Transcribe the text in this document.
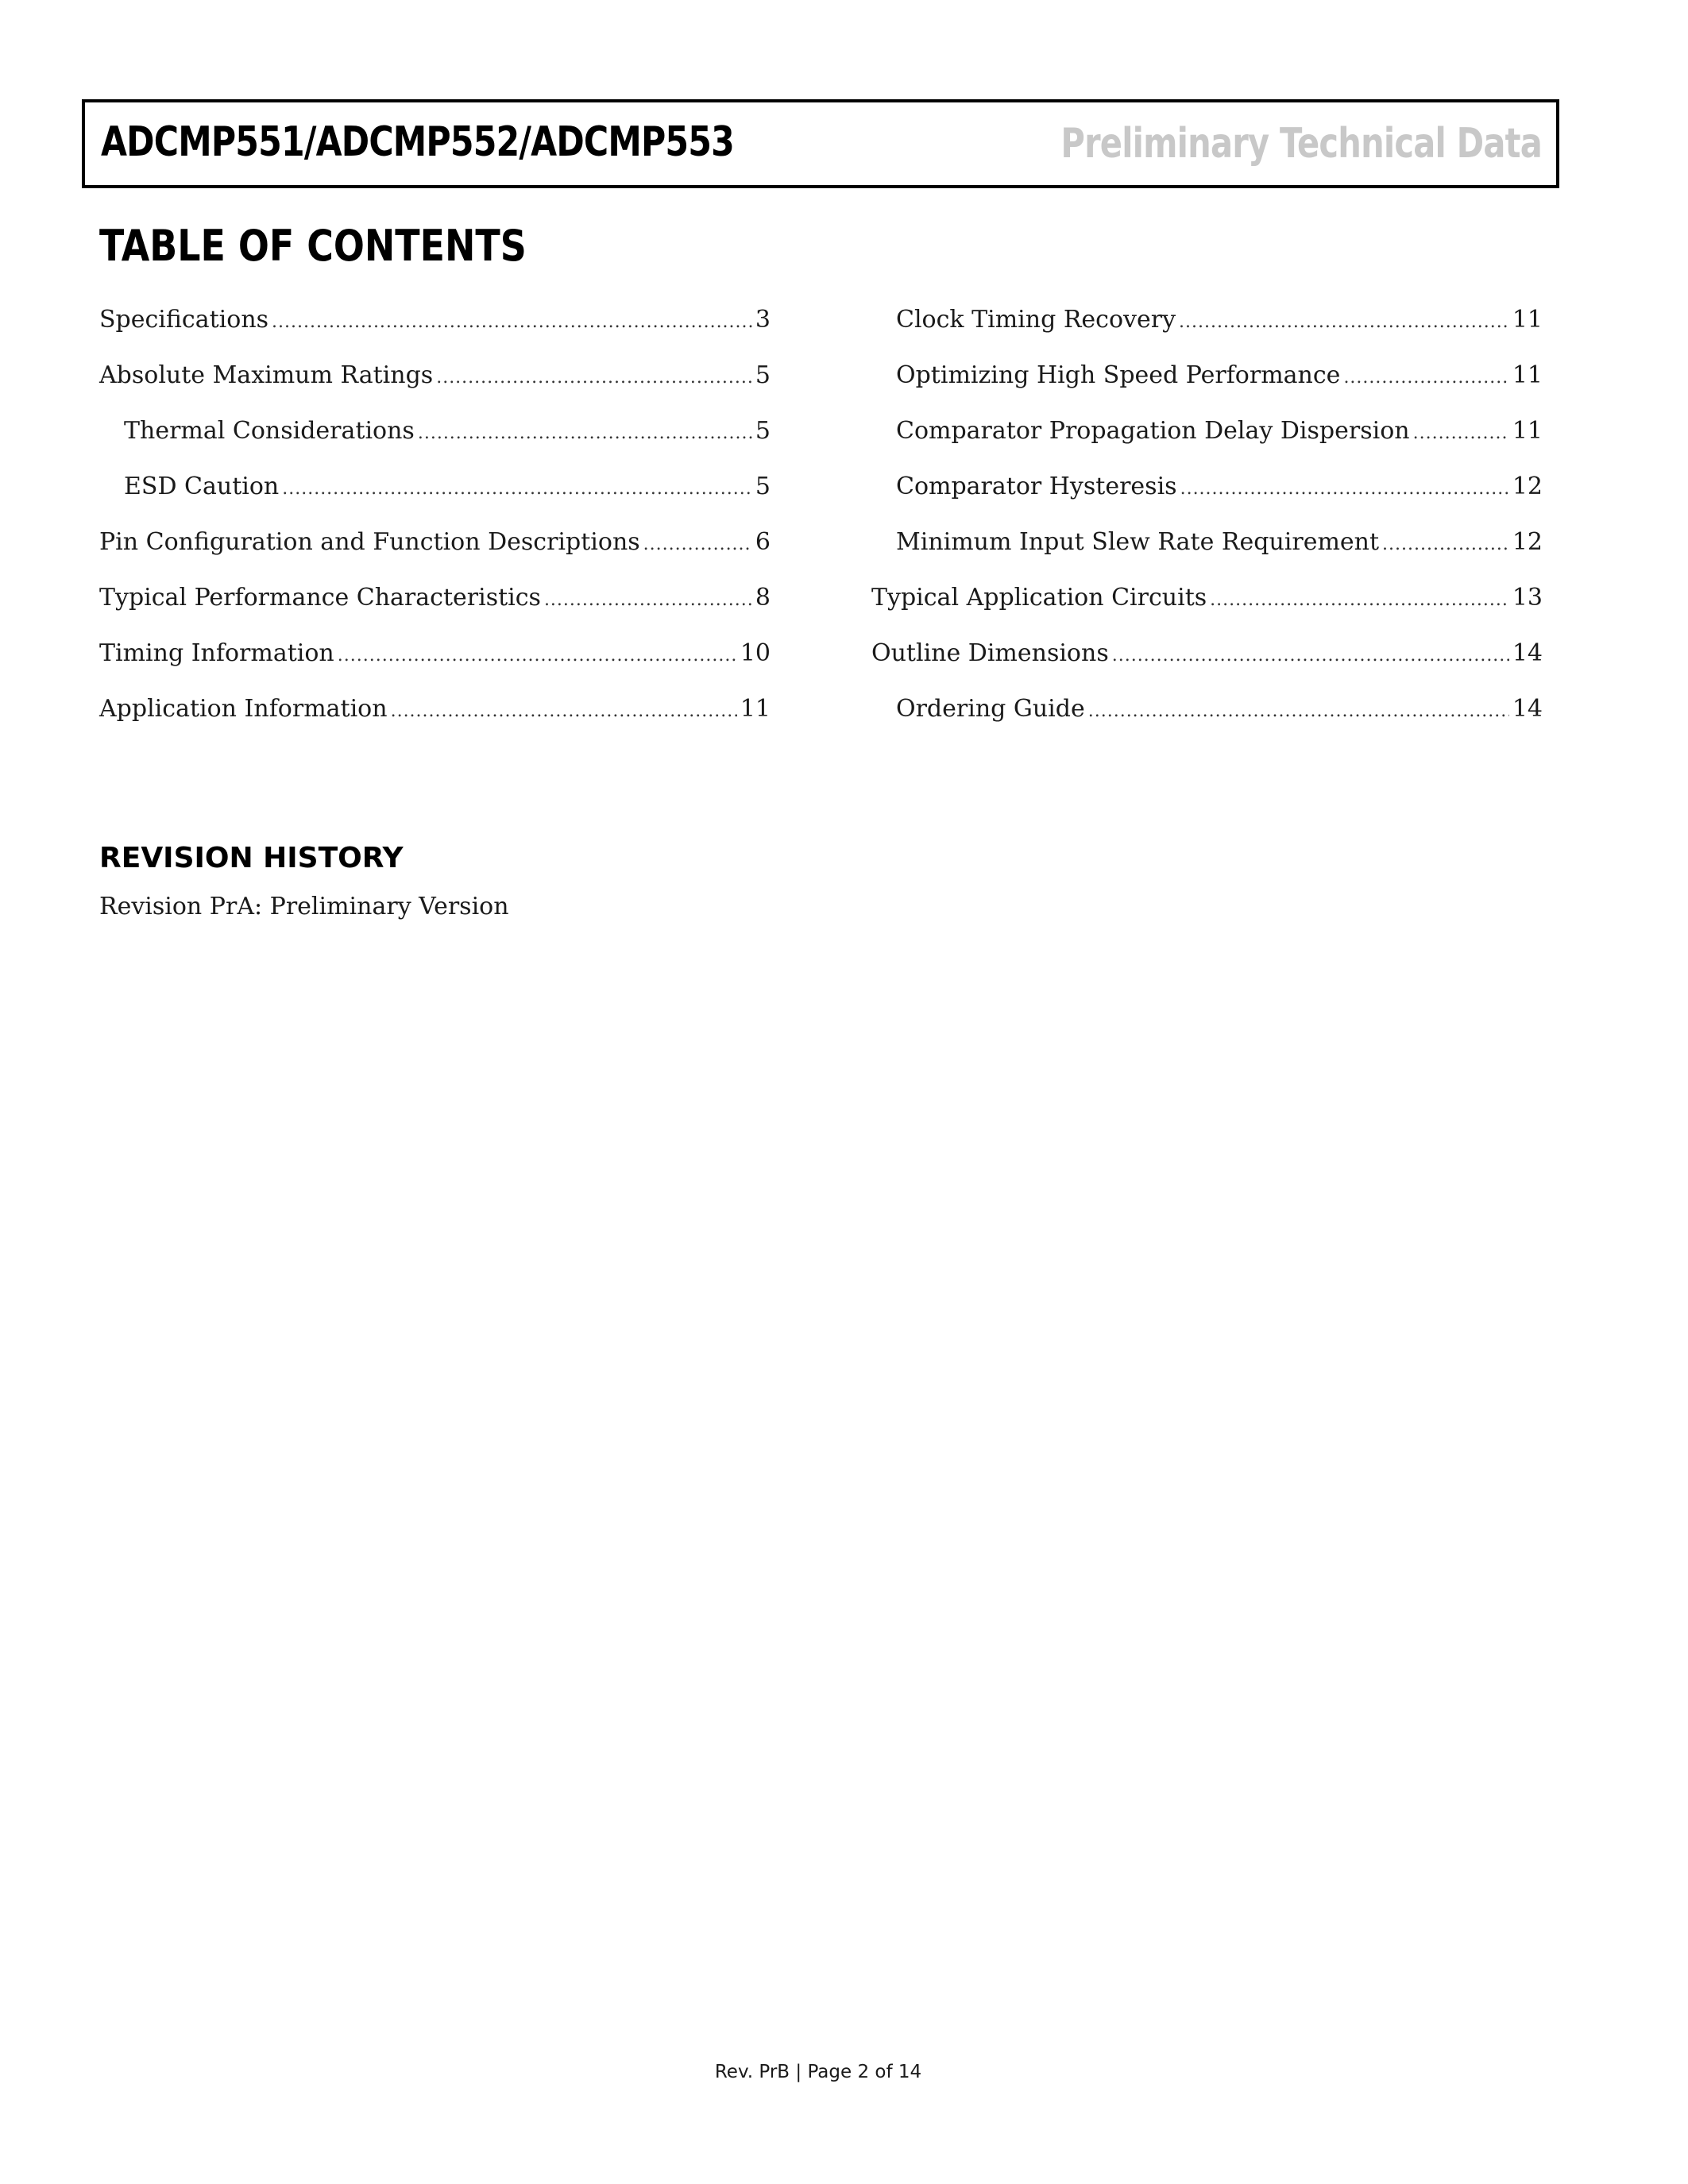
ADCMP551/ADCMP552/ADCMP553	Preliminary Technical Data
TABLE OF CONTENTS
Specifications .....	3
Absolute Maximum Ratings .....	5
Thermal Considerations .....	5
ESD Caution .....	5
Pin Configuration and Function Descriptions .....	6
Typical Performance Characteristics .....	8
Timing Information .....	10
Application Information .....	11
Clock Timing Recovery .....	11
Optimizing High Speed Performance .....	11
Comparator Propagation Delay Dispersion .....	11
Comparator Hysteresis .....	12
Minimum Input Slew Rate Requirement .....	12
Typical Application Circuits .....	13
Outline Dimensions .....	14
Ordering Guide .....	14
REVISION HISTORY
Revision PrA: Preliminary Version
Rev. PrB | Page 2 of 14
